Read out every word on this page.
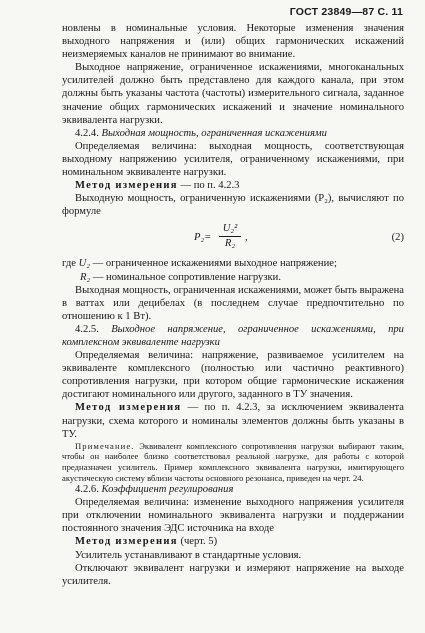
ГОСТ 23849—87 С. 11

новлены в номинальные условия. Некоторые изменения значения выходного напряжения и (или) общих гармонических искажений неизмеряемых каналов не принимают во внимание.

Выходное напряжение, ограниченное искажениями, многоканальных усилителей должно быть представлено для каждого канала, при этом должны быть указаны частота (частоты) измерительного сигнала, заданное значение общих гармонических искажений и значение номинального эквивалента нагрузки.

4.2.4. Выходная мощность, ограниченная искажениями

Определяемая величина: выходная мощность, соответствующая выходному напряжению усилителя, ограниченному искажениями, при номинальном эквиваленте нагрузки.

Метод измерения — по п. 4.2.3

Выходную мощность, ограниченную искажениями (P₂), вычисляют по формуле

$P_2= \frac{\text{U₂²}}{\text{R₂}}$ ,	(2)

где U₂ — ограниченное искажениями выходное напряжение;

R₂ — номинальное сопротивление нагрузки.

Выходная мощность, ограниченная искажениями, может быть выражена в ваттах или децибелах (в последнем случае предпочтительно по отношению к 1 Вт).

4.2.5. Выходное напряжение, ограниченное искажениями, при комплексном эквиваленте нагрузки

Определяемая величина: напряжение, развиваемое усилителем на эквиваленте комплексного (полностью или частично реактивного) сопротивления нагрузки, при котором общие гармонические искажения достигают номинального или другого, заданного в ТУ значения.

Метод измерения — по п. 4.2.3, за исключением эквивалента нагрузки, схема которого и номиналы элементов должны быть указаны в ТУ.

Примечание. Эквивалент комплексного сопротивления нагрузки выбирают таким, чтобы он наиболее близко соответствовал реальной нагрузке, для работы с которой предназначен усилитель. Пример комплексного эквивалента нагрузки, имитирующего акустическую систему вблизи частоты основного резонанса, приведен на черт. 24.

4.2.6. Коэффициент регулирования

Определяемая величина: изменение выходного напряжения усилителя при отключении номинального эквивалента нагрузки и поддержании постоянного значения ЭДС источника на входе

Метод измерения (черт. 5)

Усилитель устанавливают в стандартные условия.

Отключают эквивалент нагрузки и измеряют напряжение на выходе усилителя.
